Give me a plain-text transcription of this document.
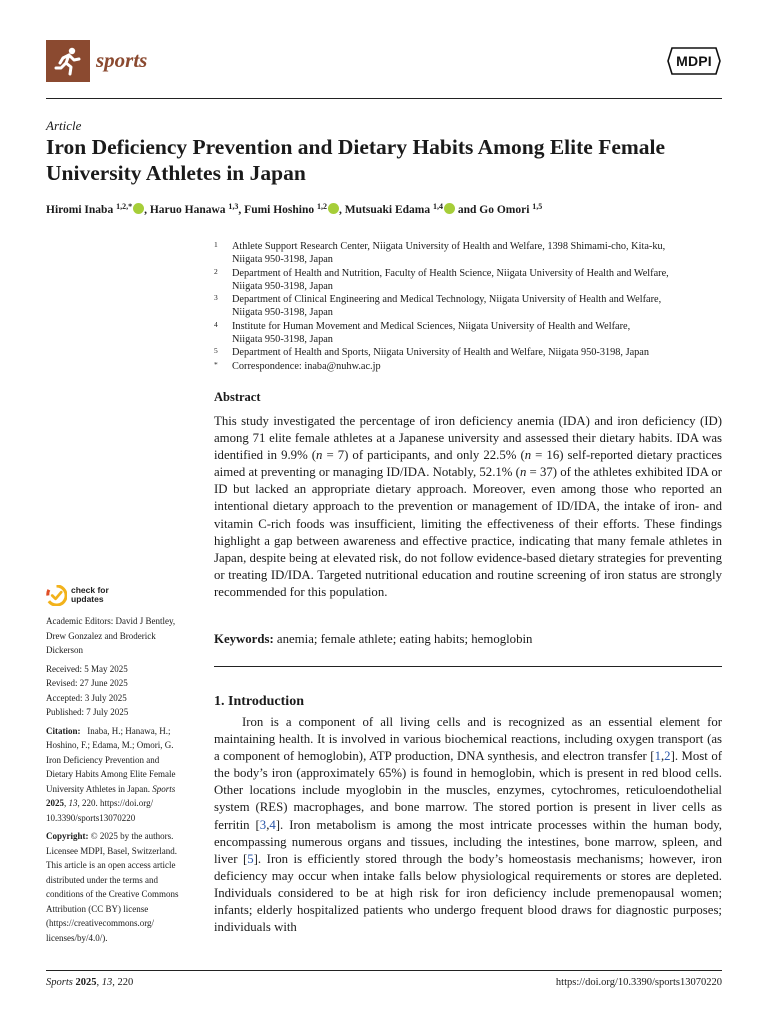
sports	MDPI
Article
Iron Deficiency Prevention and Dietary Habits Among Elite Female University Athletes in Japan
Hiromi Inaba $^{1,2,*}$ , Haruo Hanawa $^{1,3}$, Fumi Hoshino $^{1,2}$ , Mutsuaki Edama $^{1,4}$ and Go Omori $^{1,5}$
1 Athlete Support Research Center, Niigata University of Health and Welfare, 1398 Shimami-cho, Kita-ku,
Niigata 950-3198, Japan
2 Department of Health and Nutrition, Faculty of Health Science, Niigata University of Health and Welfare,
Niigata 950-3198, Japan
3 Department of Clinical Engineering and Medical Technology, Niigata University of Health and Welfare,
Niigata 950-3198, Japan
4 Institute for Human Movement and Medical Sciences, Niigata University of Health and Welfare,
Niigata 950-3198, Japan
5 Department of Health and Sports, Niigata University of Health and Welfare, Niigata 950-3198, Japan
* Correspondence: inaba@nuhw.ac.jp
Abstract

This study investigated the percentage of iron deficiency anemia (IDA) and iron deficiency (ID) among 71 elite female athletes at a Japanese university and assessed their dietary habits. IDA was identified in 9.9% (n = 7) of participants, and only 22.5% (n = 16) self-reported dietary practices aimed at preventing or managing ID/IDA. Notably, 52.1% (n = 37) of the athletes exhibited IDA or ID but lacked an appropriate dietary approach. Moreover, even among those who reported an intentional dietary approach to the prevention or management of ID/IDA, the intake of iron- and vitamin C-rich foods was insufficient, limiting the effectiveness of their efforts. These findings highlight a gap between awareness and effective practice, indicating that many female athletes in Japan, despite being at elevated risk, do not follow evidence-based dietary strategies for preventing or treating ID/IDA. Targeted nutritional education and routine screening of iron status are strongly recommended for this population.

Keywords: anemia; female athlete; eating habits; hemoglobin
1. Introduction

Iron is a component of all living cells and is recognized as an essential element for maintaining health. It is involved in various biochemical reactions, including oxygen transport (as a component of hemoglobin), ATP production, DNA synthesis, and electron transfer [1,2]. Most of the body’s iron (approximately 65%) is found in hemoglobin, which is present in red blood cells. Other locations include myoglobin in the muscles, enzymes, cytochromes, reticuloendothelial system (RES) macrophages, and bone marrow. The stored portion is present in liver cells as ferritin [3,4]. Iron metabolism is among the most intricate processes within the human body, encompassing numerous organs and tissues, including the intestines, bone marrow, spleen, and liver [5]. Iron is efficiently stored through the body’s homeostasis mechanisms; however, iron deficiency may occur when intake falls below physiological requirements or stores are depleted. Individuals considered to be at high risk for iron deficiency include premenopausal women; infants; elderly hospitalized patients who undergo frequent blood draws for diagnostic purposes; individuals with

check for
updates
Academic Editors: David J Bentley,
Drew Gonzalez and Broderick
Dickerson
Received: 5 May 2025
Revised: 27 June 2025
Accepted: 3 July 2025
Published: 7 July 2025
Citation: Inaba, H.; Hanawa, H.;
Hoshino, F.; Edama, M.; Omori, G.
Iron Deficiency Prevention and
Dietary Habits Among Elite Female
University Athletes in Japan. Sports
2025, 13, 220. https://doi.org/
10.3390/sports13070220
Copyright: © 2025 by the authors.
Licensee MDPI, Basel, Switzerland.
This article is an open access article
distributed under the terms and
conditions of the Creative Commons
Attribution (CC BY) license
(https://creativecommons.org/
licenses/by/4.0/).
Sports 2025, 13, 220	https://doi.org/10.3390/sports13070220
